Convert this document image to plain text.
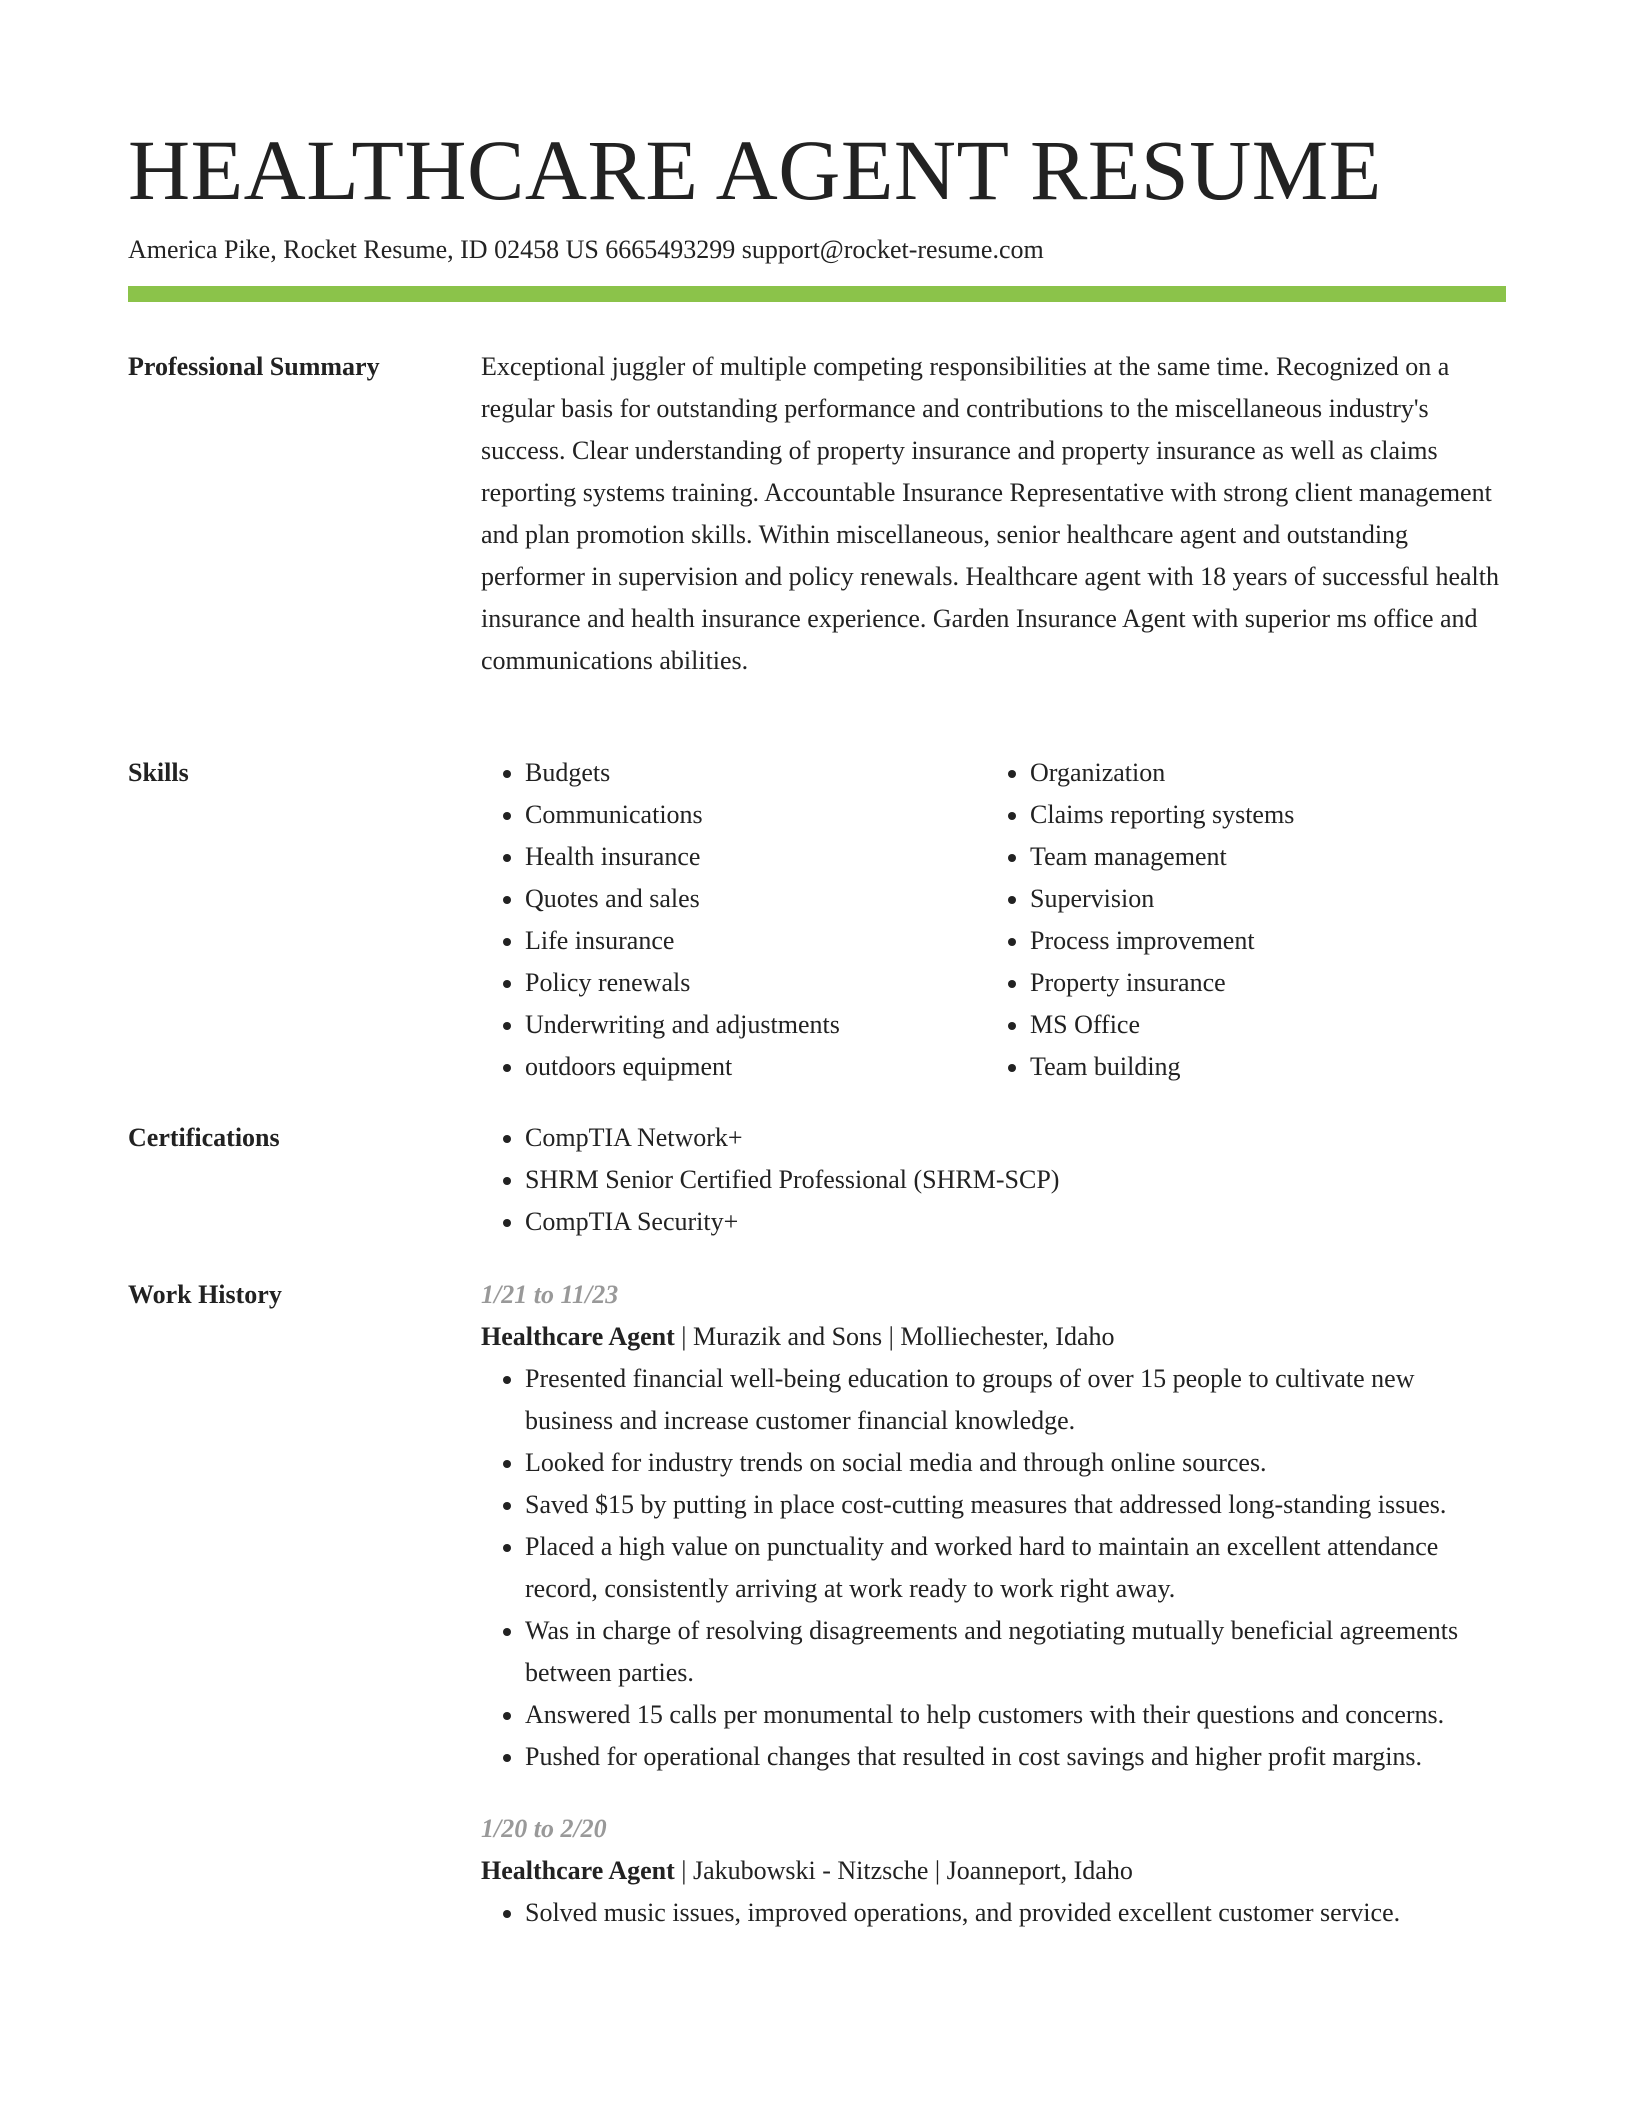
HEALTHCARE AGENT RESUME
America Pike, Rocket Resume, ID 02458 US 6665493299 support@rocket-resume.com
Professional Summary	Exceptional juggler of multiple competing responsibilities at the same time. Recognized on a regular basis for outstanding performance and contributions to the miscellaneous industry's success. Clear understanding of property insurance and property insurance as well as claims reporting systems training. Accountable Insurance Representative with strong client management and plan promotion skills. Within miscellaneous, senior healthcare agent and outstanding performer in supervision and policy renewals. Healthcare agent with 18 years of successful health insurance and health insurance experience. Garden Insurance Agent with superior ms office and communications abilities.

Skills	• Budgets
• Communications
• Health insurance
• Quotes and sales
• Life insurance
• Policy renewals
• Underwriting and adjustments
• outdoors equipment
• Organization
• Claims reporting systems
• Team management
• Supervision
• Process improvement
• Property insurance
• MS Office
• Team building
Certifications	• CompTIA Network+
• SHRM Senior Certified Professional (SHRM-SCP)
• CompTIA Security+
Work History	1/21 to 11/23
Healthcare Agent | Murazik and Sons | Molliechester, Idaho
• Presented financial well-being education to groups of over 15 people to cultivate new business and increase customer financial knowledge.
• Looked for industry trends on social media and through online sources.
• Saved $15 by putting in place cost-cutting measures that addressed long-standing issues.
• Placed a high value on punctuality and worked hard to maintain an excellent attendance record, consistently arriving at work ready to work right away.
• Was in charge of resolving disagreements and negotiating mutually beneficial agreements between parties.
• Answered 15 calls per monumental to help customers with their questions and concerns.
• Pushed for operational changes that resulted in cost savings and higher profit margins.
1/20 to 2/20
Healthcare Agent | Jakubowski - Nitzsche | Joanneport, Idaho
• Solved music issues, improved operations, and provided excellent customer service.
